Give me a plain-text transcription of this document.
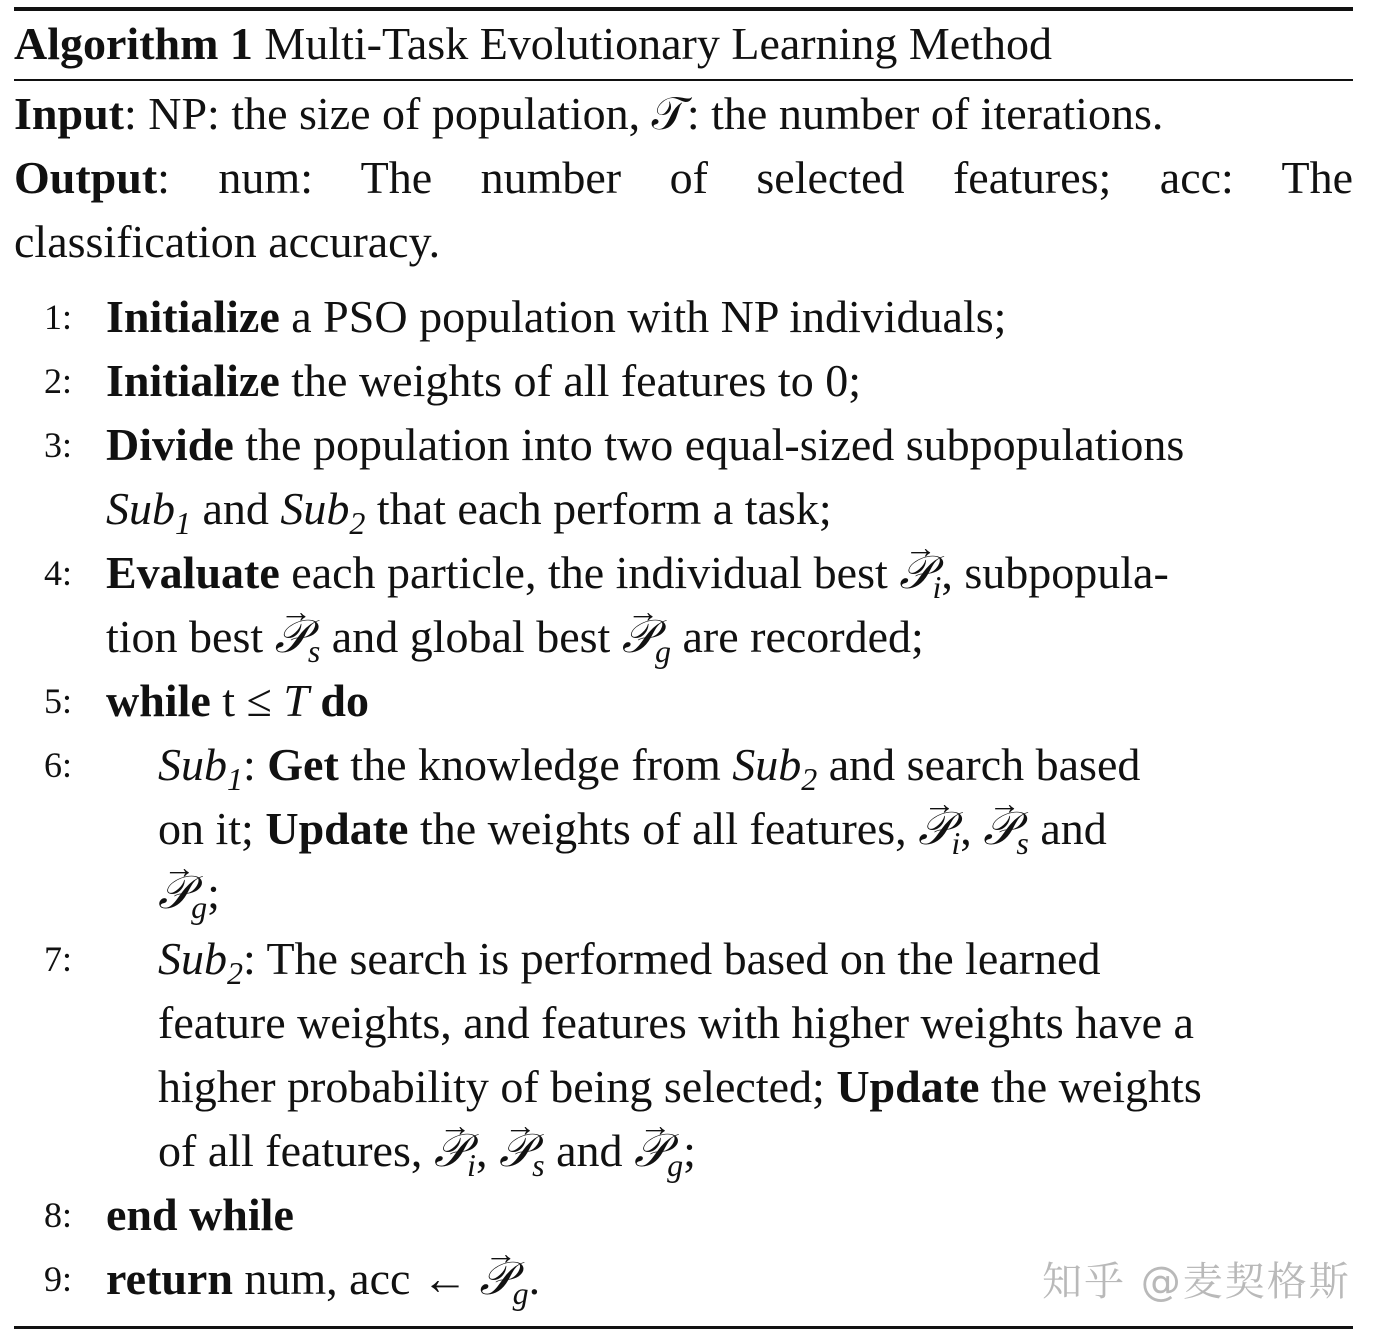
Algorithm 1 Multi-Task Evolutionary Learning Method
Input: NP: the size of population, 𝒯: the number of iterations.
Output: num: The number of selected features; acc: The
classification accuracy.
1: Initialize a PSO population with NP individuals;
2: Initialize the weights of all features to 0;
3: Divide the population into two equal-sized subpopulations
Sub$_1$ and Sub$_2$ that each perform a task;
4: Evaluate each particle, the individual best → 𝒫$_i$, subpopula-
tion best → 𝒫$_s$ and global best → 𝒫$_g$ are recorded;
5: while t ≤ T do
6:	Sub$_1$: Get the knowledge from Sub$_2$ and search based
on it; Update the weights of all features, → 𝒫$_i$, → 𝒫$_s$ and
→ 𝒫$_g$;
7:	Sub$_2$: The search is performed based on the learned
feature weights, and features with higher weights have a
higher probability of being selected; Update the weights
of all features, → 𝒫$_i$, → 𝒫$_s$ and → 𝒫$_g$;
8: end while
9: return num, acc ← → 𝒫$_g$.	知乎 @麦契格斯
